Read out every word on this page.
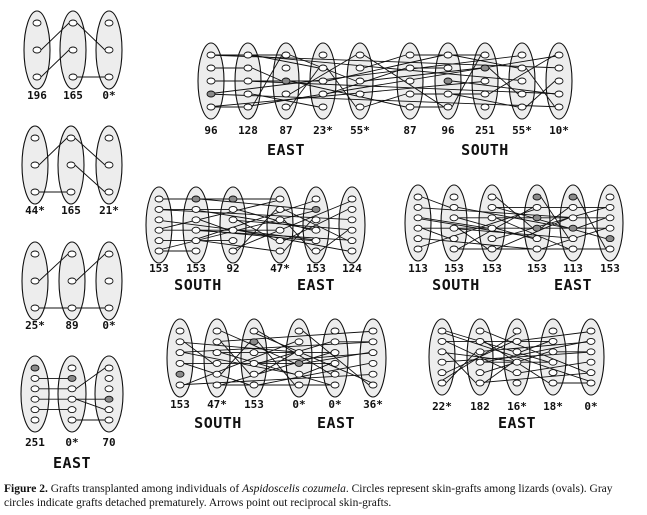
196 165 0*
44* 165 21*
25* 89 0*
251 0* 70
EAST
96 128 87 23* 55*	87 96 251 55* 10*
EAST	SOUTH
153 153 92	47* 153 124
SOUTH	EAST
113 153 153 153 113 153
SOUTH	EAST
153 47* 153	0* 0* 36*
SOUTH	EAST
22* 182 16* 18* 0*
EAST
Figure 2. Grafts transplanted among individuals of Aspidoscelis cozumela. Circles represent skin-grafts among lizards (ovals). Gray circles indicate grafts detached prematurely. Arrows point out reciprocal skin-grafts.
